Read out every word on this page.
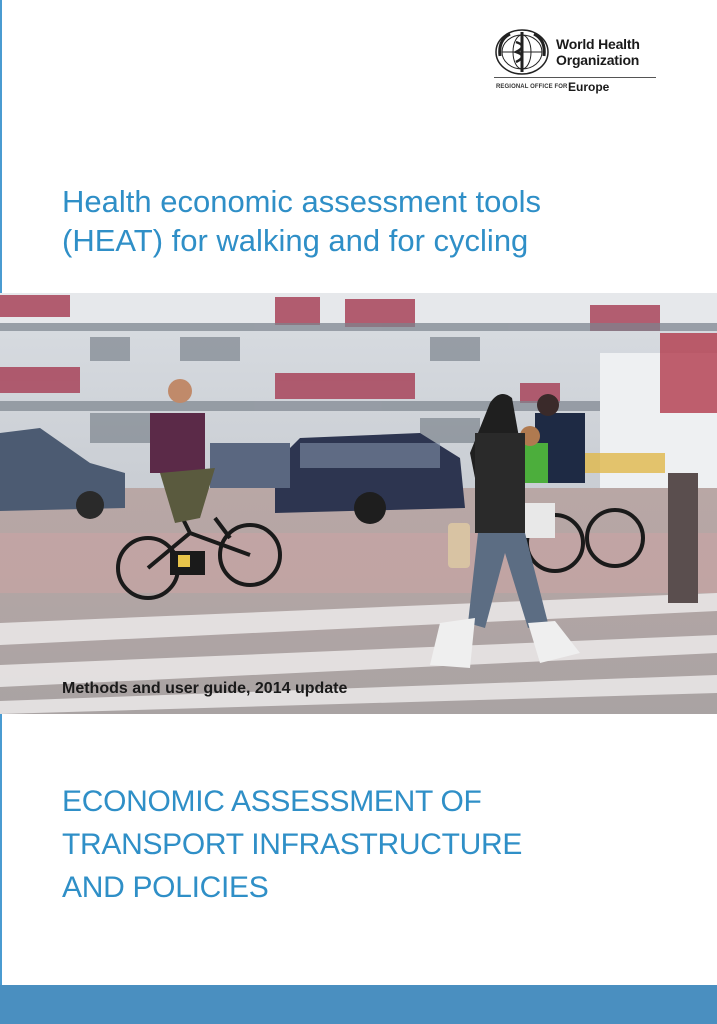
World Health
Organization
REGIONAL OFFICE FOR Europe
Health economic assessment tools
(HEAT) for walking and for cycling
Methods and user guide, 2014 update
ECONOMIC ASSESSMENT OF
TRANSPORT INFRASTRUCTURE
AND POLICIES
